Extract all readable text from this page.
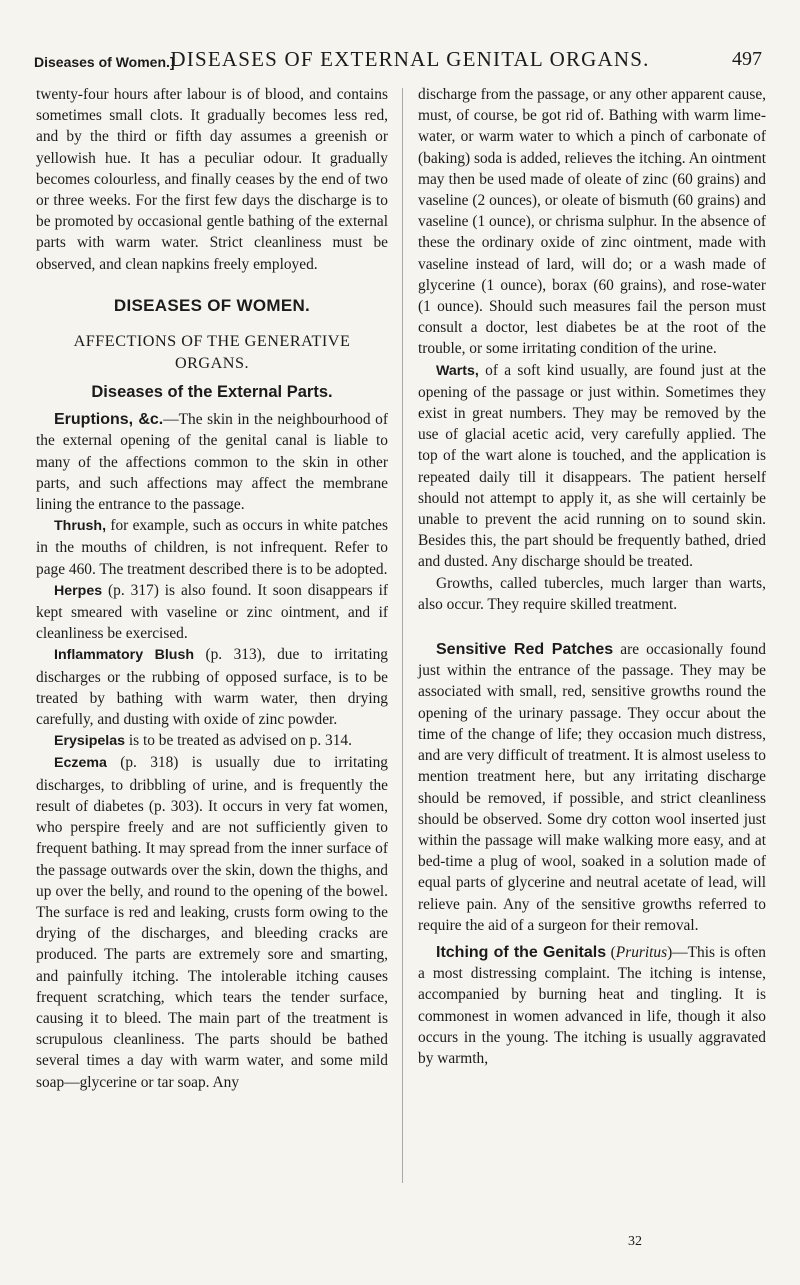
Diseases of Women.]
DISEASES OF EXTERNAL GENITAL ORGANS.	497

twenty-four hours after labour is of blood, and contains sometimes small clots. It gradually becomes less red, and by the third or fifth day assumes a greenish or yellowish hue. It has a peculiar odour. It gradually becomes colourless, and finally ceases by the end of two or three weeks. For the first few days the discharge is to be promoted by occasional gentle bathing of the external parts with warm water. Strict cleanliness must be observed, and clean napkins freely employed.

DISEASES OF WOMEN.
AFFECTIONS OF THE GENERATIVE
ORGANS.
Diseases of the External Parts.

Eruptions, &c.—The skin in the neighbourhood of the external opening of the genital canal is liable to many of the affections common to the skin in other parts, and such affections may affect the membrane lining the entrance to the passage.

Thrush, for example, such as occurs in white patches in the mouths of children, is not infrequent. Refer to page 460. The treatment described there is to be adopted.

Herpes (p. 317) is also found. It soon disappears if kept smeared with vaseline or zinc ointment, and if cleanliness be exercised.

Inflammatory Blush (p. 313), due to irritating discharges or the rubbing of opposed surface, is to be treated by bathing with warm water, then drying carefully, and dusting with oxide of zinc powder.

Erysipelas is to be treated as advised on p. 314.

Eczema (p. 318) is usually due to irritating discharges, to dribbling of urine, and is frequently the result of diabetes (p. 303). It occurs in very fat women, who perspire freely and are not sufficiently given to frequent bathing. It may spread from the inner surface of the passage outwards over the skin, down the thighs, and up over the belly, and round to the opening of the bowel. The surface is red and leaking, crusts form owing to the drying of the discharges, and bleeding cracks are produced. The parts are extremely sore and smarting, and painfully itching. The intolerable itching causes frequent scratching, which tears the tender surface, causing it to bleed. The main part of the treatment is scrupulous cleanliness. The parts should be bathed several times a day with warm water, and some mild soap—glycerine or tar soap. Any

discharge from the passage, or any other apparent cause, must, of course, be got rid of. Bathing with warm lime-water, or warm water to which a pinch of carbonate of (baking) soda is added, relieves the itching. An ointment may then be used made of oleate of zinc (60 grains) and vaseline (2 ounces), or oleate of bismuth (60 grains) and vaseline (1 ounce), or chrisma sulphur. In the absence of these the ordinary oxide of zinc ointment, made with vaseline instead of lard, will do; or a wash made of glycerine (1 ounce), borax (60 grains), and rose-water (1 ounce). Should such measures fail the person must consult a doctor, lest diabetes be at the root of the trouble, or some irritating condition of the urine.

Warts, of a soft kind usually, are found just at the opening of the passage or just within. Sometimes they exist in great numbers. They may be removed by the use of glacial acetic acid, very carefully applied. The top of the wart alone is touched, and the application is repeated daily till it disappears. The patient herself should not attempt to apply it, as she will certainly be unable to prevent the acid running on to sound skin. Besides this, the part should be frequently bathed, dried and dusted. Any discharge should be treated.

Growths, called tubercles, much larger than warts, also occur. They require skilled treatment.

Sensitive Red Patches are occasionally found just within the entrance of the passage. They may be associated with small, red, sensitive growths round the opening of the urinary passage. They occur about the time of the change of life; they occasion much distress, and are very difficult of treatment. It is almost useless to mention treatment here, but any irritating discharge should be removed, if possible, and strict cleanliness should be observed. Some dry cotton wool inserted just within the passage will make walking more easy, and at bed-time a plug of wool, soaked in a solution made of equal parts of glycerine and neutral acetate of lead, will relieve pain. Any of the sensitive growths referred to require the aid of a surgeon for their removal.

Itching of the Genitals (Pruritus)—This is often a most distressing complaint. The itching is intense, accompanied by burning heat and tingling. It is commonest in women advanced in life, though it also occurs in the young. The itching is usually aggravated by warmth,

32
